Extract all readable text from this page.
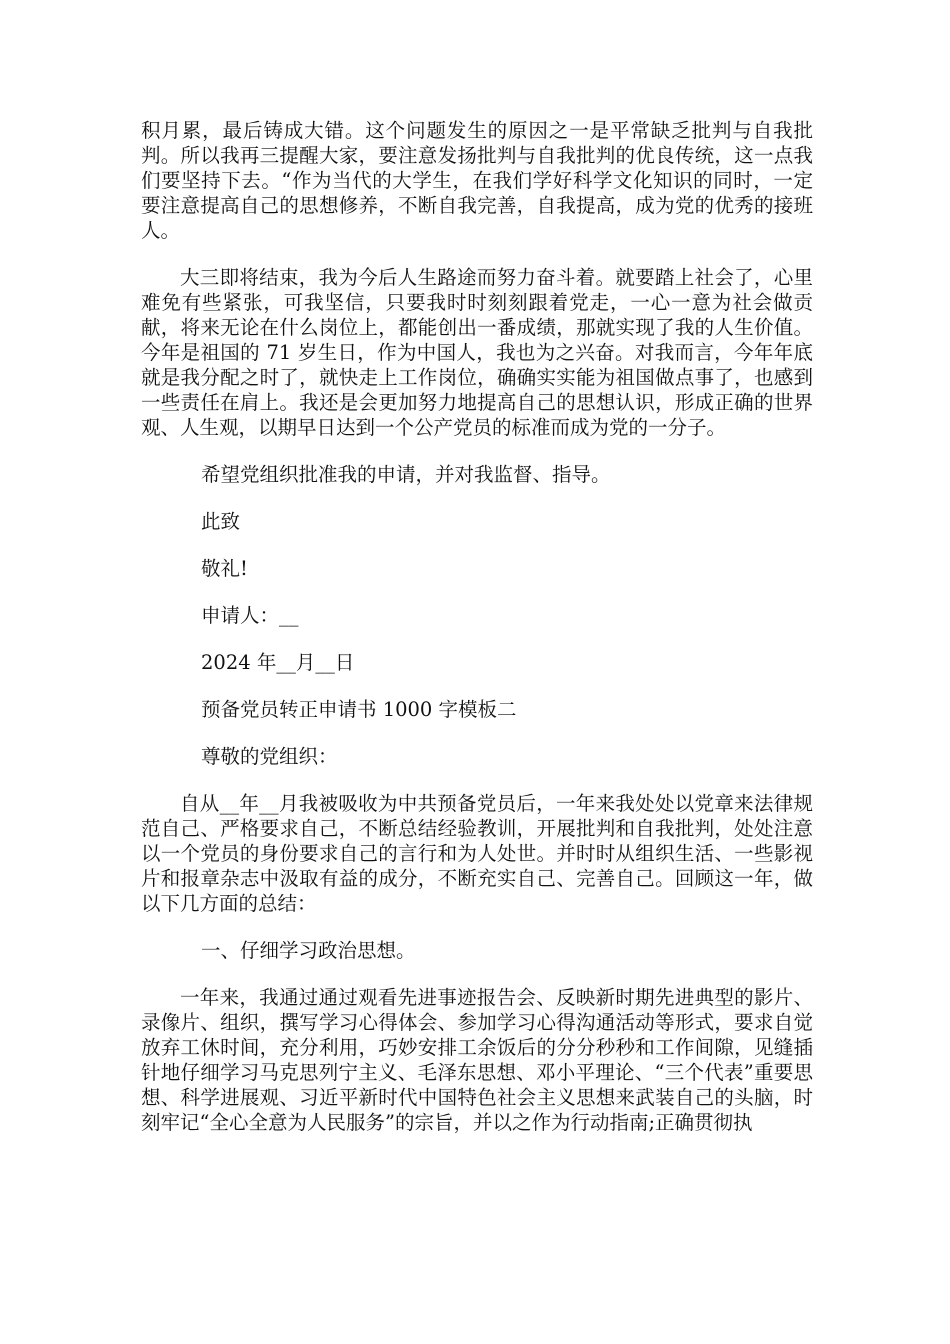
积月累，最后铸成大错。这个问题发生的原因之一是平常缺乏批判与自我批判。所以我再三提醒大家，要注意发扬批判与自我批判的优良传统，这一点我们要坚持下去。“作为当代的大学生，在我们学好科学文化知识的同时，一定要注意提高自己的思想修养，不断自我完善，自我提高，成为党的优秀的接班人。

大三即将结束，我为今后人生路途而努力奋斗着。就要踏上社会了，心里难免有些紧张，可我坚信，只要我时时刻刻跟着党走，一心一意为社会做贡献，将来无论在什么岗位上，都能创出一番成绩，那就实现了我的人生价值。今年是祖国的 71 岁生日，作为中国人，我也为之兴奋。对我而言，今年年底就是我分配之时了，就快走上工作岗位，确确实实能为祖国做点事了，也感到一些责任在肩上。我还是会更加努力地提高自己的思想认识，形成正确的世界观、人生观，以期早日达到一个公产党员的标准而成为党的一分子。

希望党组织批准我的申请，并对我监督、指导。

此致

敬礼!

申请人：__

2024 年__月__日

预备党员转正申请书 1000 字模板二

尊敬的党组织：

自从__年__月我被吸收为中共预备党员后，一年来我处处以党章来法律规范自己、严格要求自己，不断总结经验教训，开展批判和自我批判，处处注意以一个党员的身份要求自己的言行和为人处世。并时时从组织生活、一些影视片和报章杂志中汲取有益的成分，不断充实自己、完善自己。回顾这一年，做以下几方面的总结：

一、仔细学习政治思想。

一年来，我通过通过观看先进事迹报告会、反映新时期先进典型的影片、录像片、组织，撰写学习心得体会、参加学习心得沟通活动等形式，要求自觉放弃工休时间，充分利用，巧妙安排工余饭后的分分秒秒和工作间隙，见缝插针地仔细学习马克思列宁主义、毛泽东思想、邓小平理论、“三个代表”重要思想、科学进展观、习近平新时代中国特色社会主义思想来武装自己的头脑，时刻牢记“全心全意为人民服务”的宗旨，并以之作为行动指南;正确贯彻执
